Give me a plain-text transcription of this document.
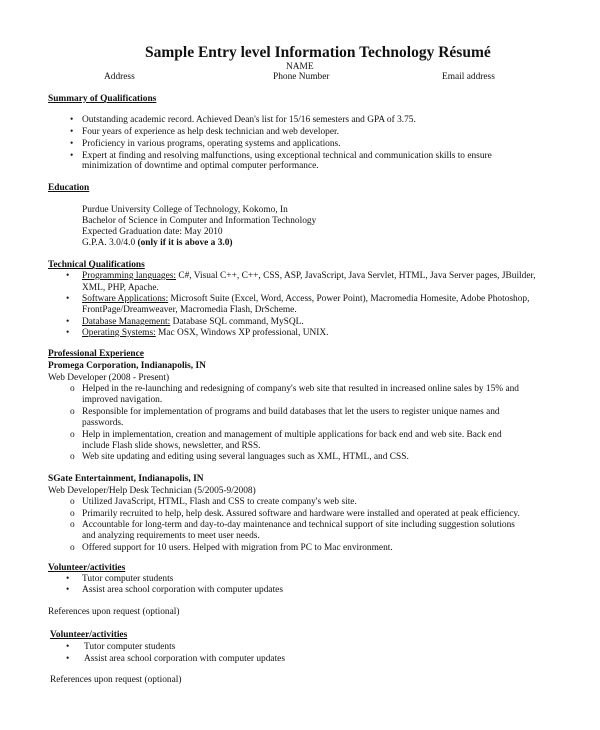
Sample Entry level Information Technology Résumé
NAME
Address	Phone Number	Email address
Summary of Qualifications
• Outstanding academic record. Achieved Dean's list for 15/16 semesters and GPA of 3.75.
• Four years of experience as help desk technician and web developer.
• Proficiency in various programs, operating systems and applications.
• Expert at finding and resolving malfunctions, using exceptional technical and communication skills to ensure
minimization of downtime and optimal computer performance.
Education
Purdue University College of Technology, Kokomo, In
Bachelor of Science in Computer and Information Technology
Expected Graduation date: May 2010
G.P.A. 3.0/4.0 (only if it is above a 3.0)
Technical Qualifications
• Programming languages: C#, Visual C++, C++, CSS, ASP, JavaScript, Java Servlet, HTML, Java Server pages, JBuilder,
XML, PHP, Apache.
• Software Applications: Microsoft Suite (Excel, Word, Access, Power Point), Macromedia Homesite, Adobe Photoshop,
FrontPage/Dreamweaver, Macromedia Flash, DrScheme.
• Database Management: Database SQL command, MySQL.
• Operating Systems: Mac OSX, Windows XP professional, UNIX.
Professional Experience
Promega Corporation, Indianapolis, IN
Web Developer (2008 - Present)
o Helped in the re-launching and redesigning of company's web site that resulted in increased online sales by 15% and
improved navigation.
o Responsible for implementation of programs and build databases that let the users to register unique names and
passwords.
o Help in implementation, creation and management of multiple applications for back end and web site. Back end
include Flash slide shows, newsletter, and RSS.
o Web site updating and editing using several languages such as XML, HTML, and CSS.
SGate Entertainment, Indianapolis, IN
Web Developer/Help Desk Technician (5/2005-9/2008)
o Utilized JavaScript, HTML, Flash and CSS to create company's web site.
o Primarily recruited to help, help desk. Assured software and hardware were installed and operated at peak efficiency.
o Accountable for long-term and day-to-day maintenance and technical support of site including suggestion solutions
and analyzing requirements to meet user needs.
o Offered support for 10 users. Helped with migration from PC to Mac environment.
Volunteer/activities
• Tutor computer students
• Assist area school corporation with computer updates
References upon request (optional)
Volunteer/activities
• Tutor computer students
• Assist area school corporation with computer updates
References upon request (optional)
